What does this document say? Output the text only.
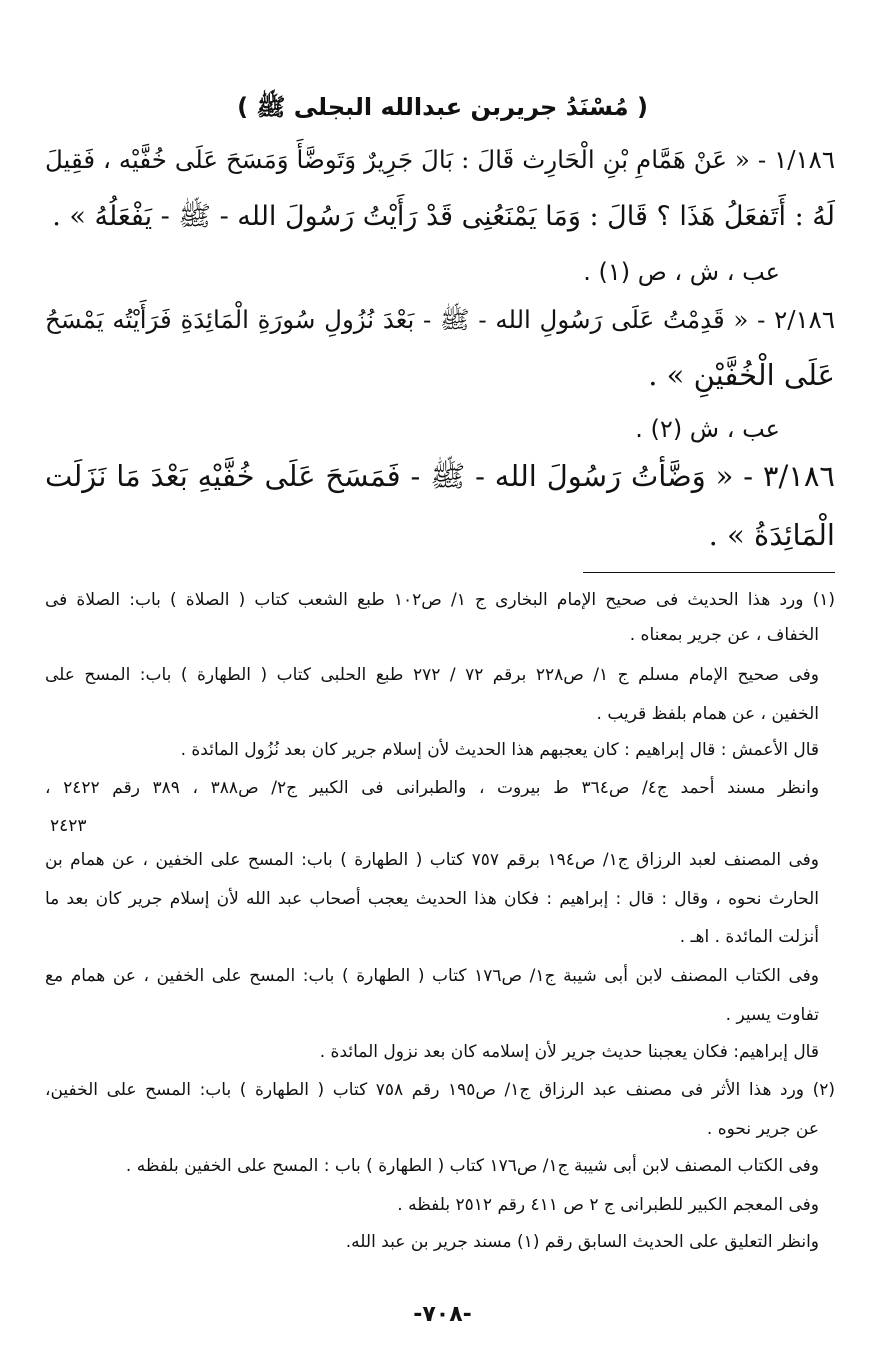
( مُسْنَدُ جريربن عبدالله البجلى ﷺ )
١/١٨٦ - « عَنْ هَمَّامِ بْنِ الْحَارِث قَالَ : بَالَ جَرِيرٌ وَتَوضَّأَ وَمَسَحَ عَلَى خُفَّيْه ، فَقِيلَ
لَهُ : أَتَفعَلُ هَذَا ؟ قَالَ : وَمَا يَمْنَعُنِى قَدْ رَأَيْتُ رَسُولَ الله - ﷺ - يَفْعَلُهُ » .
عب ، ش ، ص (١) .
٢/١٨٦ - « قَدِمْتُ عَلَى رَسُولِ الله - ﷺ - بَعْدَ نُزُولِ سُورَةِ الْمَائِدَةِ فَرَأَيْتُه يَمْسَحُ
عَلَى الْخُفَّيْنِ » .
عب ، ش (٢) .
٣/١٨٦ - « وَضَّأتُ رَسُولَ الله - ﷺ - فَمَسَحَ عَلَى خُفَّيْهِ بَعْدَ مَا نَزَلَت
الْمَائِدَةُ » .
(١) ورد هذا الحديث فى صحيح الإمام البخارى ج ١/ ص١٠٢ طبع الشعب كتاب ( الصلاة ) باب: الصلاة فى
الخفاف ، عن جرير بمعناه .
وفى صحيح الإمام مسلم ج ١/ ص٢٢٨ برقم ٧٢ / ٢٧٢ طبع الحلبى كتاب ( الطهارة ) باب: المسح على
الخفين ، عن همام بلفظ قريب .
قال الأعمش : قال إبراهيم : كان يعجبهم هذا الحديث لأن إسلام جرير كان بعد نُزُول المائدة .
وانظر مسند أحمد ج٤/ ص٣٦٤ ط بيروت ، والطبرانى فى الكبير ج٢/ ص٣٨٨ ، ٣٨٩ رقم ٢٤٢٢ ،
٢٤٢٣
وفى المصنف لعبد الرزاق ج١/ ص١٩٤ برقم ٧٥٧ كتاب ( الطهارة ) باب: المسح على الخفين ، عن همام بن
الحارث نحوه ، وقال : قال : إبراهيم : فكان هذا الحديث يعجب أصحاب عبد الله لأن إسلام جرير كان بعد ما
أنزلت المائدة . اهـ .
وفى الكتاب المصنف لابن أبى شيبة ج١/ ص١٧٦ كتاب ( الطهارة ) باب: المسح على الخفين ، عن همام مع
تفاوت يسير .
قال إبراهيم: فكان يعجبنا حديث جرير لأن إسلامه كان بعد نزول المائدة .
(٢) ورد هذا الأثر فى مصنف عبد الرزاق ج١/ ص١٩٥ رقم ٧٥٨ كتاب ( الطهارة ) باب: المسح على الخفين،
عن جرير نحوه .
وفى الكتاب المصنف لابن أبى شيبة ج١/ ص١٧٦ كتاب ( الطهارة ) باب : المسح على الخفين بلفظه .
وفى المعجم الكبير للطبرانى ج ٢ ص ٤١١ رقم ٢٥١٢ بلفظه .
وانظر التعليق على الحديث السابق رقم (١) مسند جرير بن عبد الله.
-٧٠٨-
